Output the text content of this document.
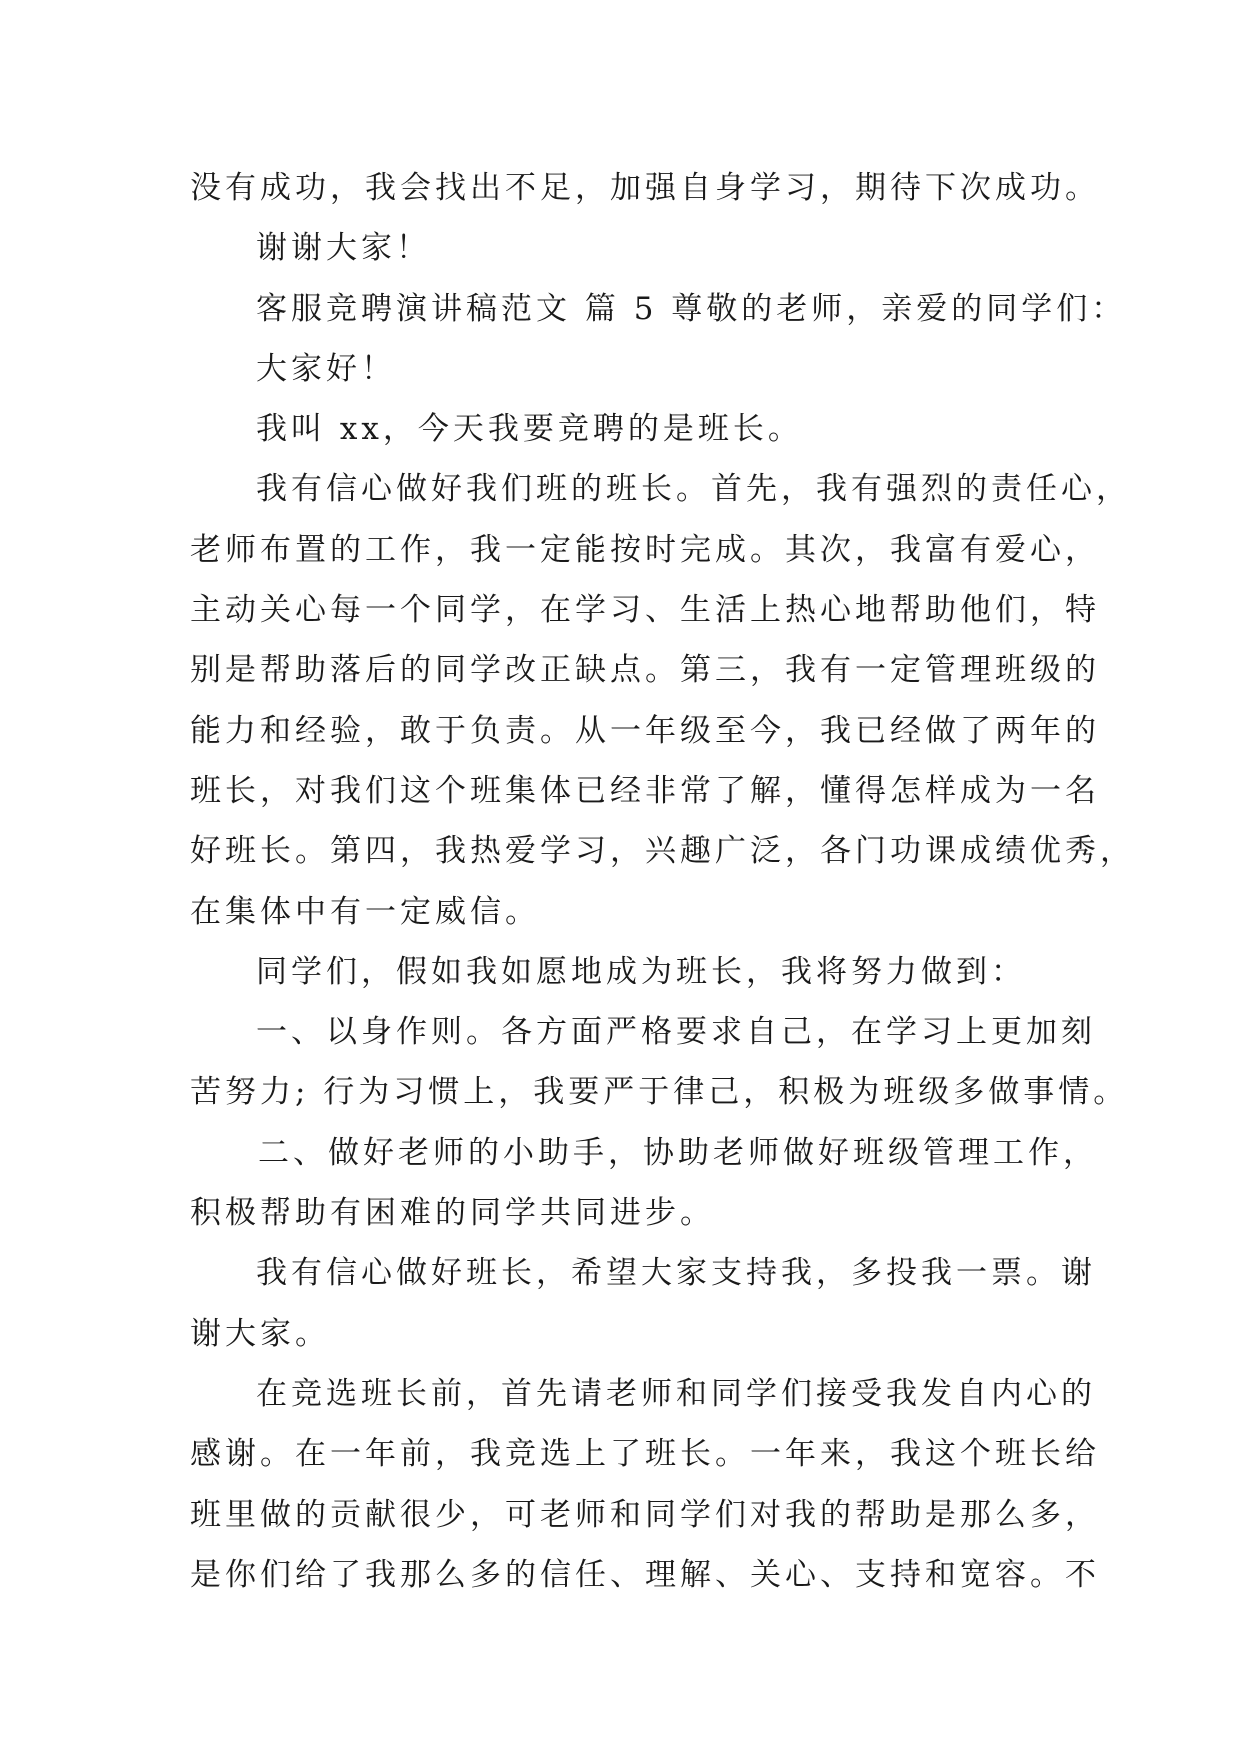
没有成功，我会找出不足，加强自身学习，期待下次成功。
谢谢大家！
客服竞聘演讲稿范文 篇 5 尊敬的老师，亲爱的同学们：
大家好！
我叫 xx，今天我要竞聘的是班长。
我有信心做好我们班的班长。首先，我有强烈的责任心，
老师布置的工作，我一定能按时完成。其次，我富有爱心，
主动关心每一个同学，在学习、生活上热心地帮助他们，特
别是帮助落后的同学改正缺点。第三，我有一定管理班级的
能力和经验，敢于负责。从一年级至今，我已经做了两年的
班长，对我们这个班集体已经非常了解，懂得怎样成为一名
好班长。第四，我热爱学习，兴趣广泛，各门功课成绩优秀，
在集体中有一定威信。
同学们，假如我如愿地成为班长，我将努力做到：
一、以身作则。各方面严格要求自己，在学习上更加刻
苦努力; 行为习惯上，我要严于律己，积极为班级多做事情。
二、做好老师的小助手，协助老师做好班级管理工作，
积极帮助有困难的同学共同进步。
我有信心做好班长，希望大家支持我，多投我一票。谢
谢大家。
在竞选班长前，首先请老师和同学们接受我发自内心的
感谢。在一年前，我竞选上了班长。一年来，我这个班长给
班里做的贡献很少，可老师和同学们对我的帮助是那么多，
是你们给了我那么多的信任、理解、关心、支持和宽容。不
